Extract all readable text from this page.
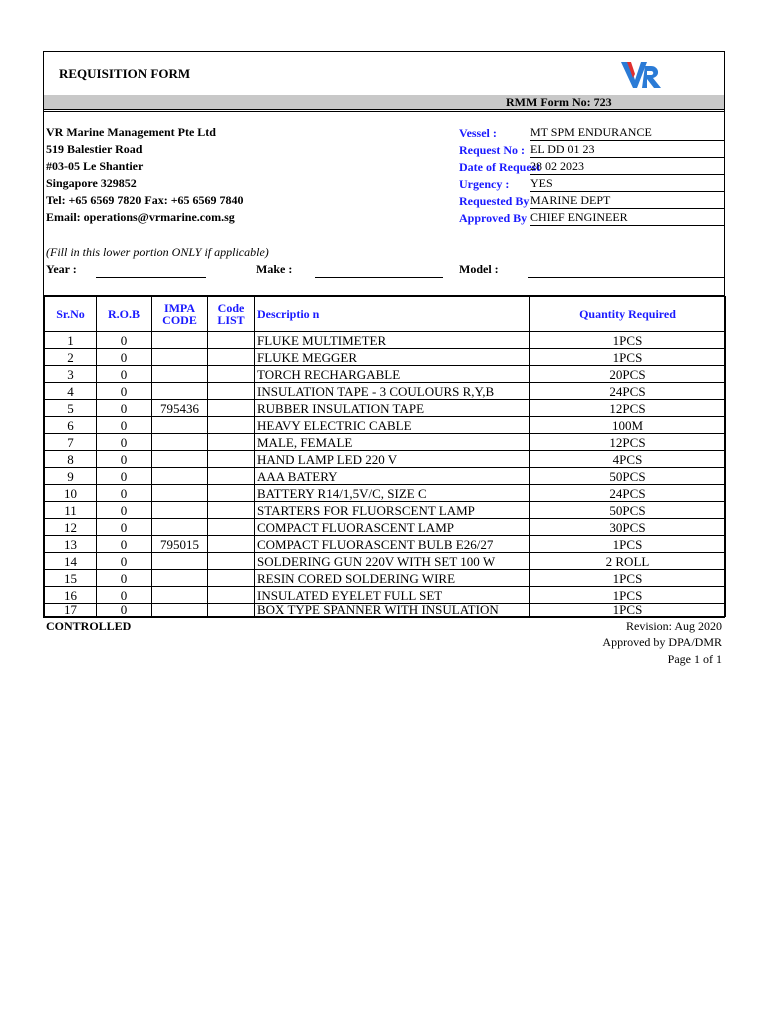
REQUISITION FORM
RMM Form No: 723
VR Marine Management Pte Ltd
519 Balestier Road
#03-05 Le Shantier
Singapore 329852
Tel: +65 6569 7820 Fax: +65 6569 7840
Email: operations@vrmarine.com.sg
Vessel :	MT SPM ENDURANCE
Request No : EL DD 01 23
Date of Request
28 02 2023
Urgency :	YES
Requested By MARINE DEPT
Approved By CHIEF ENGINEER
(Fill in this lower portion ONLY if applicable)
Year :	Make :	Model :
Sr.No	R.O.B	IMPA CODE	Code LIST	Descriptio n	Quantity Required
1	0			FLUKE MULTIMETER	1PCS
2	0			FLUKE MEGGER	1PCS
3	0			TORCH RECHARGABLE	20PCS
4	0			INSULATION TAPE - 3 COULOURS R,Y,B	24PCS
5	0	795436		RUBBER INSULATION TAPE	12PCS
6	0			HEAVY ELECTRIC CABLE	100M
7	0			MALE, FEMALE	12PCS
8	0			HAND LAMP LED 220 V	4PCS
9	0			AAA BATERY	50PCS
10	0			BATTERY R14/1,5V/C, SIZE C	24PCS
11	0			STARTERS FOR FLUORSCENT LAMP	50PCS
12	0			COMPACT FLUORASCENT LAMP	30PCS
13	0	795015		COMPACT FLUORASCENT BULB E26/27	1PCS
14	0			SOLDERING GUN 220V WITH SET 100 W	2 ROLL
15	0			RESIN CORED SOLDERING WIRE	1PCS
16	0			INSULATED EYELET FULL SET	1PCS
17	0			BOX TYPE SPANNER WITH INSULATION	1PCS
CONTROLLED	Revision: Aug 2020
Approved by DPA/DMR
Page 1 of 1
